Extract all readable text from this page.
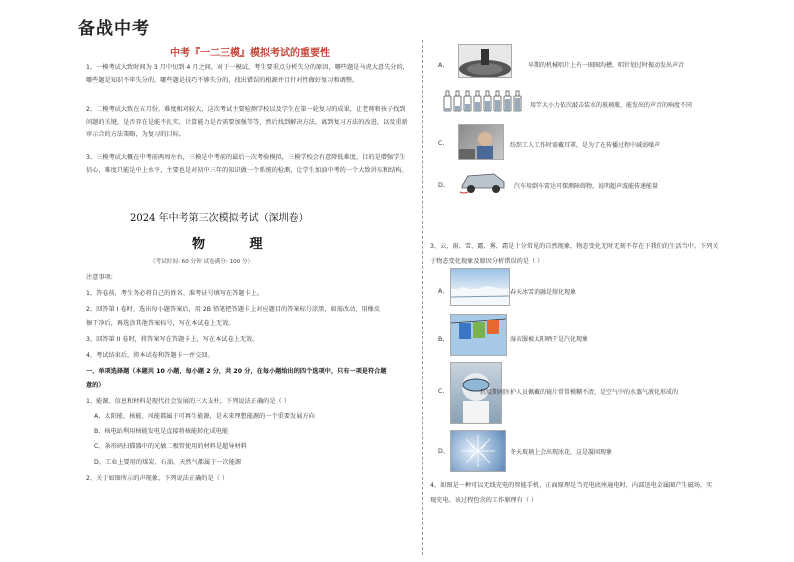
备战中考
中考『一二三模』模拟考试的重要性
1、一模考试大致时间为 3 月中旬到 4 月之间，对于一模试，考生要重点分析失分的原因，哪些题是马虎大意失分的，哪些题是知识不牢失分的，哪些题是技巧不够失分的，找出错误的根源并且针对性做好复习和调整。
2、二模考试大致在五月份，难度相对较大，这次考试主要检测学校以及学生在第一轮复习的成果，让老师和孩子找到问题的关键，是否存在是能不扎实，计算能力是否需要加强等等，然后找到解决方法，离到复习方法的改进，以及重新审示合的方法策略，为复习的目标。
3、三模考试大概在中考前两周左右，三模是中考前的最后一次考验模拟，三模学校会有意降低难度，目的是增强学生信心，难度只能是中上水平，主要也是对初中三年的知识做一个系统的检测，让学生加油中考的一个大致讲东和结构。
2024 年中考第三次模拟考试（深圳卷）
物 理
（考试时间: 60 分钟 试卷满分: 100 分）
注意事项:
1、答卷前，考生务必将自己的姓名、准考证号填写在答题卡上。
2、回答第 I 卷时，选出每小题答案后，用 2B 铅笔把答题卡上对应题目的答案标号涂黑，如需改动，用橡皮
擦干净后，再选涂其他答案标号，写在本试卷上无效。
3、回答第 II 卷时，将答案写在答题卡上，写在本试卷上无效。
4、考试结束后，将本试卷和答题卡一并交回。
一、单项选择题（本题共 10 小题，每小题 2 分，共 20 分，在每小题给出的四个选项中，只有一项是符合题
意的）
1、能源、信息和材料是现代社会发展的三大支柱，下列说法正确的是（ ）
A、太阳能、核能、风能都属于可再生能源，是未来理想能源的一个重要发展方向
B、核电站利用核能发电是直接将核能转化成电能
C、条形码扫描器中的光敏二极管使用的材料是超导材料
D、工业上要用的煤炭、石油、天然气都属于一次能源
2、关于如图所示的声现象，下列说法正确的是（ ）
A、	早期的机械唱片上有一圈圈沟槽，唱针划过时振动发出声音
用竿大小力依次敲击装水的玻璃瓶，能发出的声音的响度不同
C、	纺织工人工作时需戴耳罩，是为了在传播过程中减弱噪声
D、	汽车用倒车雷达可探测障碍物，说明超声波能传递能量
3、云、雨、雪、露、雾、霜是十分常见的自然现象，物态变化无时无刻不存在于我们的生活当中。下列关
于物态变化现象及原因分析错误的是（ ）
A、	春天冰雪消融是熔化现象
B、	湿衣服被太阳晒干是汽化现象
C、	抗疫期间医护人员佩戴的镜片常常模糊不清，是空气中的水蒸气液化形成的
D、	冬天玻璃上会出现冰花，这是凝固现象
4、如图是一种可以无线充电的智能手机，正面原理是当充电底座通电时，内部送电金属圈产生磁场，实
现充电。该过程包含的工作原理有（ ）
